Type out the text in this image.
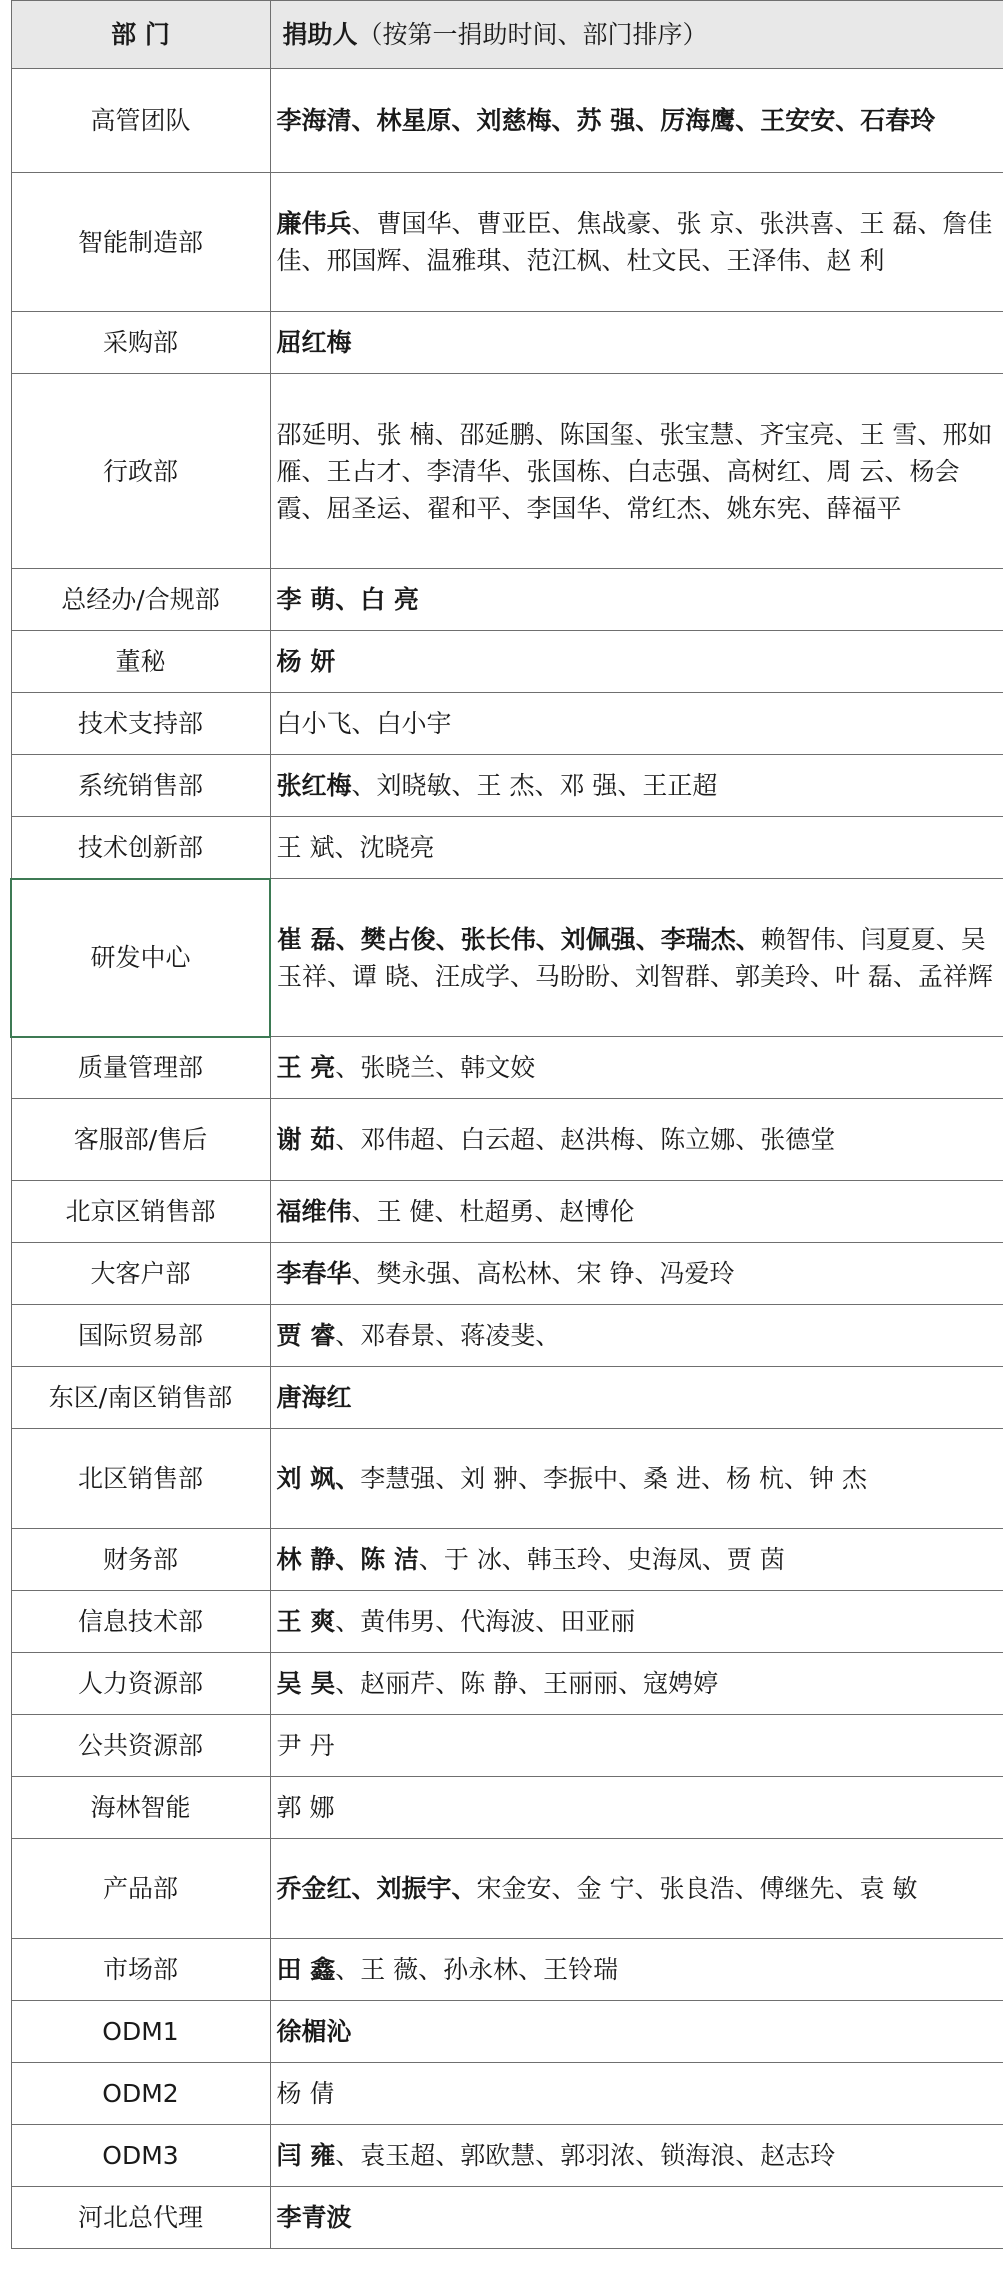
部 门	捐助人（按第一捐助时间、部门排序）
高管团队	李海清、林星原、刘慈梅、苏 强、厉海鹰、王安安、石春玲
智能制造部	廉伟兵、曹国华、曹亚臣、焦战豪、张 京、张洪喜、王 磊、詹佳佳、邢国辉、温雅琪、范江枫、杜文民、王泽伟、赵 利
采购部	屈红梅
行政部	邵延明、张 楠、邵延鹏、陈国玺、张宝慧、齐宝亮、王 雪、邢如雁、王占才、李清华、张国栋、白志强、高树红、周 云、杨会霞、屈圣运、翟和平、李国华、常红杰、姚东宪、薛福平
总经办/合规部	李 萌、白 亮
董秘	杨 妍
技术支持部	白小飞、白小宇
系统销售部	张红梅、刘晓敏、王 杰、邓 强、王正超
技术创新部	王 斌、沈晓亮
研发中心	崔 磊、樊占俊、张长伟、刘佩强、李瑞杰、赖智伟、闫夏夏、吴玉祥、谭 晓、汪成学、马盼盼、刘智群、郭美玲、叶 磊、孟祥辉
质量管理部	王 亮、张晓兰、韩文姣
客服部/售后	谢 茹、邓伟超、白云超、赵洪梅、陈立娜、张德堂
北京区销售部	福维伟、王 健、杜超勇、赵博伦
大客户部	李春华、樊永强、高松林、宋 铮、冯爱玲
国际贸易部	贾 睿、邓春景、蒋凌斐、
东区/南区销售部	唐海红
北区销售部	刘 飒、李慧强、刘 翀、李振中、桑 进、杨 杭、钟 杰
财务部	林 静、陈 洁、于 冰、韩玉玲、史海凤、贾 茵
信息技术部	王 爽、黄伟男、代海波、田亚丽
人力资源部	吴 昊、赵丽芹、陈 静、王丽丽、寇娉婷
公共资源部	尹 丹
海林智能	郭 娜
产品部	乔金红、刘振宇、宋金安、金 宁、张良浩、傅继先、袁 敏
市场部	田 鑫、王 薇、孙永林、王铃瑞
ODM1	徐楣沁
ODM2	杨 倩
ODM3	闫 雍、袁玉超、郭欧慧、郭羽浓、锁海浪、赵志玲
河北总代理	李青波
